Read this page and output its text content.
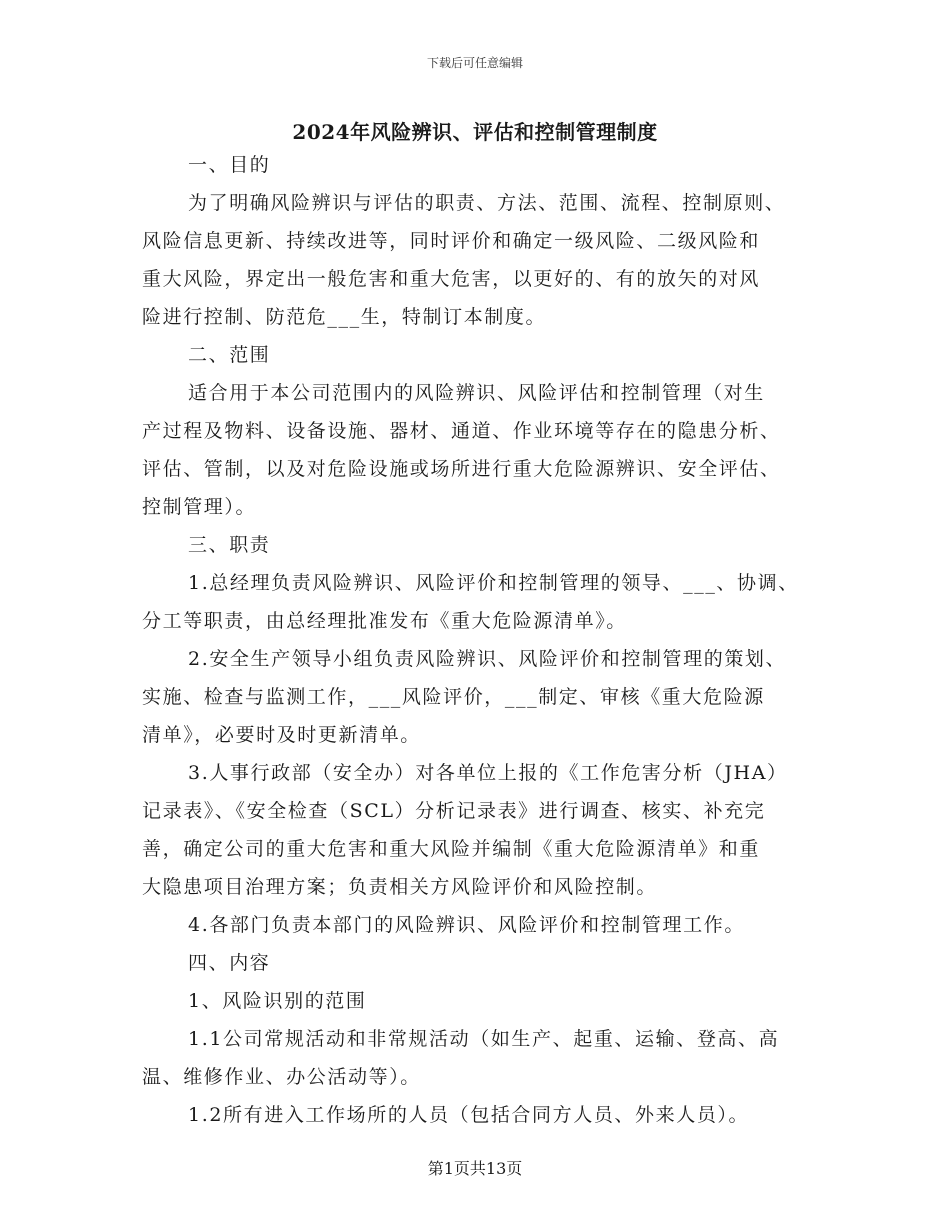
下载后可任意编辑
2024年风险辨识、评估和控制管理制度
一、目的
为了明确风险辨识与评估的职责、方法、范围、流程、控制原则、
风险信息更新、持续改进等，同时评价和确定一级风险、二级风险和
重大风险，界定出一般危害和重大危害，以更好的、有的放矢的对风
险进行控制、防范危___生，特制订本制度。
二、范围
适合用于本公司范围内的风险辨识、风险评估和控制管理（对生
产过程及物料、设备设施、器材、通道、作业环境等存在的隐患分析、
评估、管制，以及对危险设施或场所进行重大危险源辨识、安全评估、
控制管理）。
三、职责
1.总经理负责风险辨识、风险评价和控制管理的领导、___、协调、
分工等职责，由总经理批准发布《重大危险源清单》。
2.安全生产领导小组负责风险辨识、风险评价和控制管理的策划、
实施、检查与监测工作，___风险评价，___制定、审核《重大危险源
清单》，必要时及时更新清单。
3.人事行政部（安全办）对各单位上报的《工作危害分析（JHA）
记录表》、《安全检查（SCL）分析记录表》进行调查、核实、补充完
善，确定公司的重大危害和重大风险并编制《重大危险源清单》和重
大隐患项目治理方案；负责相关方风险评价和风险控制。
4.各部门负责本部门的风险辨识、风险评价和控制管理工作。
四、内容
1、风险识别的范围
1.1公司常规活动和非常规活动（如生产、起重、运输、登高、高
温、维修作业、办公活动等）。
1.2所有进入工作场所的人员（包括合同方人员、外来人员）。
第1页共13页
